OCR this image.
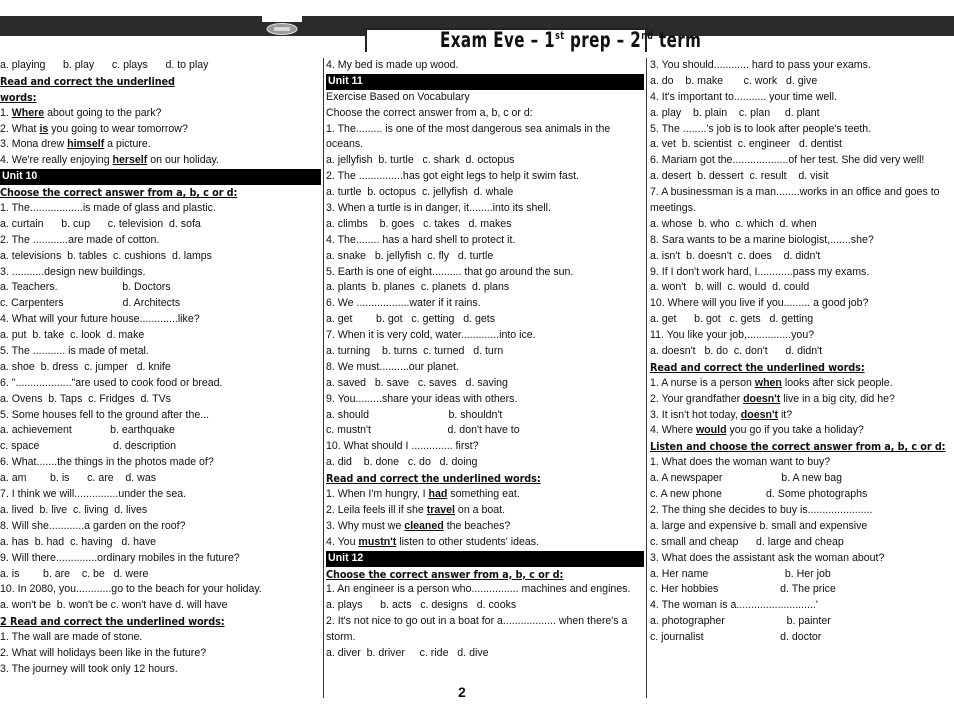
Exam Eve – 1st prep – 2nd term
a. playing      b. play      c. plays      d. to play
Read and correct the underlined
words:
1. Where about going to the park?
2. What is you going to wear tomorrow?
3. Mona drew himself a picture.
4. We're really enjoying herself on our holiday.
Unit 10
Choose the correct answer from a, b, c or d:
1. The..................is made of glass and plastic.
a. curtain      b. cup      c. television  d. sofa
2. The ............are made of cotton.
a. televisions  b. tables  c. cushions  d. lamps
3. ...........design new buildings.
a. Teachers.                      b. Doctors
c. Carpenters                    d. Architects
4. What will your future house.............like?
a. put  b. take  c. look  d. make
5. The ........... is made of metal.
a. shoe  b. dress  c. jumper   d. knife
6. "..................."are used to cook food or bread.
a. Ovens  b. Taps  c. Fridges  d. TVs
5. Some houses fell to the ground after the...
a. achievement             b. earthquake
c. space                         d. description
6. What.......the things in the photos made of?
a. am        b. is      c. are    d. was
7. I think we will...............under the sea.
a. lived  b. live  c. living  d. lives
8. Will she............a garden on the roof?
a. has  b. had  c. having   d. have
9. Will there..............ordinary mobiles in the future?
a. is        b. are    c. be   d. were
10. In 2080, you............go to the beach for your holiday.
a. won't be  b. won't be c. won't have d. will have
2 Read and correct the underlined words:
1. The wall are made of stone.
2. What will holidays been like in the future?
3. The journey will took only 12 hours.
4. My bed is made up wood.
Unit 11
Exercise Based on Vocabulary
Choose the correct answer from a, b, c or d:
1. The......... is one of the most dangerous sea animals in the
oceans.
a. jellyfish  b. turtle   c. shark  d. octopus
2. The ...............has got eight legs to help it swim fast.
a. turtle  b. octopus  c. jellyfish  d. whale
3. When a turtle is in danger, it........into its shell.
a. climbs    b. goes   c. takes   d. makes
4. The........ has a hard shell to protect it.
a. snake   b. jellyfish  c. fly   d. turtle
5. Earth is one of eight.......... that go around the sun.
a. plants  b. planes  c. planets  d. plans
6. We ..................water if it rains.
a. get        b. got   c. getting   d. gets
7. When it is very cold, water.............into ice.
a. turning    b. turns  c. turned   d. turn
8. We must..........our planet.
a. saved   b. save   c. saves   d. saving
9. You.........share your ideas with others.
a. should                           b. shouldn't
c. mustn't                          d. don't have to
10. What should I .............. first?
a. did    b. done   c. do   d. doing
Read and correct the underlined words:
1. When I'm hungry, I had something eat.
2. Leila feels ill if she travel on a boat.
3. Why must we cleaned the beaches?
4. You mustn't listen to other students' ideas.
Unit 12
Choose the correct answer from a, b, c or d:
1. An engineer is a person who................ machines and engines.
a. plays      b. acts   c. designs   d. cooks
2. It's not nice to go out in a boat for a.................. when there's a
storm.
a. diver  b. driver     c. ride   d. dive
3. You should............ hard to pass your exams.
a. do    b. make       c. work   d. give
4. It's important to........... your time well.
a. play    b. plain    c. plan     d. plant
5. The ........'s job is to look after people's teeth.
a. vet  b. scientist  c. engineer   d. dentist
6. Mariam got the...................of her test. She did very well!
a. desert  b. dessert  c. result    d. visit
7. A businessman is a man........works in an office and goes to
meetings.
a. whose  b. who  c. which  d. when
8. Sara wants to be a marine biologist,.......she?
a. isn't  b. doesn't  c. does    d. didn't
9. If I don't work hard, I............pass my exams.
a. won't   b. will  c. would  d. could
10. Where will you live if you......... a good job?
a. get      b. got   c. gets   d. getting
11. You like your job,...............you?
a. doesn't   b. do  c. don't      d. didn't
Read and correct the underlined words:
1. A nurse is a person when looks after sick people.
2. Your grandfather doesn't live in a big city, did he?
3. It isn't hot today, doesn't it?
4. Where would you go if you take a holiday?
Listen and choose the correct answer from a, b, c or d:
1. What does the woman want to buy?
a. A newspaper                    b. A new bag
c. A new phone               d. Some photographs
2. The thing she decides to buy is......................
a. large and expensive b. small and expensive
c. small and cheap      d. large and cheap
3. What does the assistant ask the woman about?
a. Her name                          b. Her job
c. Her hobbies                     d. The price
4. The woman is a...........................'
a. photographer                     b. painter
c. journalist                          d. doctor
2
